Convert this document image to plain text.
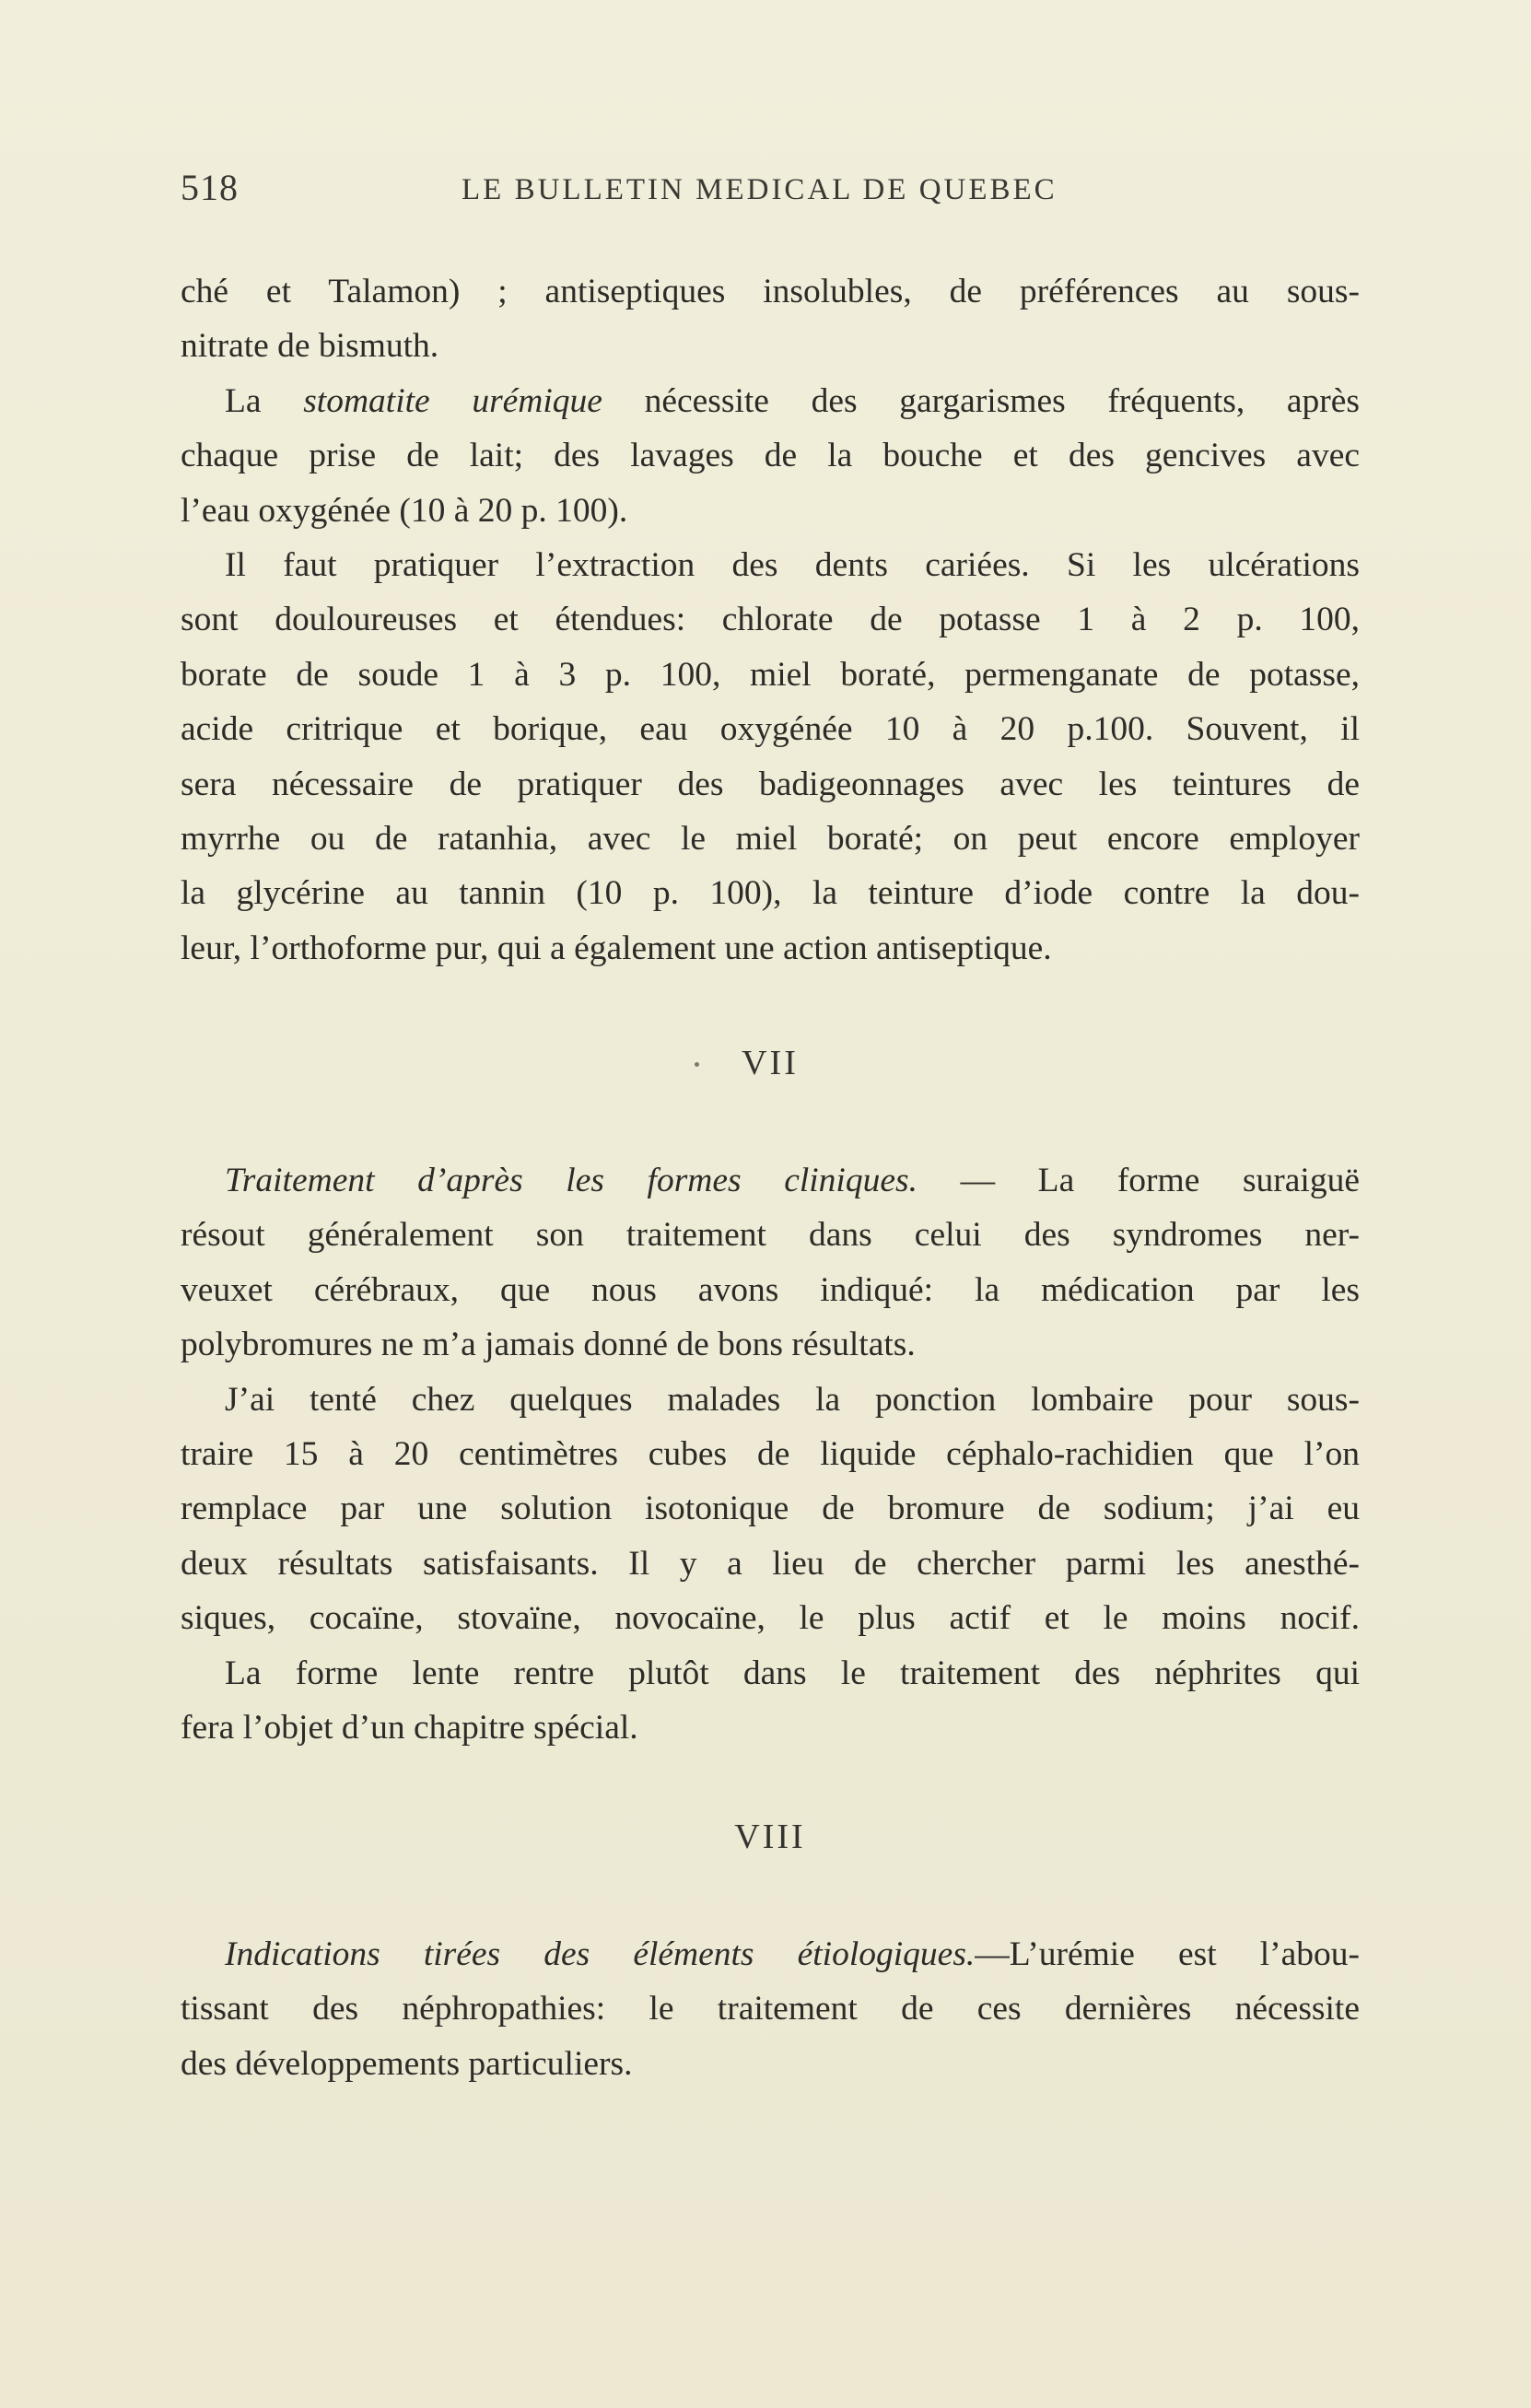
518	LE BULLETIN MEDICAL DE QUEBEC
ché et Talamon) ; antiseptiques insolubles, de préférences au sous-
nitrate de bismuth.
La stomatite urémique nécessite des gargarismes fréquents, après
chaque prise de lait; des lavages de la bouche et des gencives avec
l’eau oxygénée (10 à 20 p. 100).
Il faut pratiquer l’extraction des dents cariées. Si les ulcérations
sont douloureuses et étendues: chlorate de potasse 1 à 2 p. 100,
borate de soude 1 à 3 p. 100, miel boraté, permenganate de potasse,
acide critrique et borique, eau oxygénée 10 à 20 p.100. Souvent, il
sera nécessaire de pratiquer des badigeonnages avec les teintures de
myrrhe ou de ratanhia, avec le miel boraté; on peut encore employer
la glycérine au tannin (10 p. 100), la teinture d’iode contre la dou-
leur, l’orthoforme pur, qui a également une action antiseptique.
VII
Traitement d’après les formes cliniques. — La forme suraiguë
résout généralement son traitement dans celui des syndromes ner-
veuxet cérébraux, que nous avons indiqué: la médication par les
polybromures ne m’a jamais donné de bons résultats.
J’ai tenté chez quelques malades la ponction lombaire pour sous-
traire 15 à 20 centimètres cubes de liquide céphalo-rachidien que l’on
remplace par une solution isotonique de bromure de sodium; j’ai eu
deux résultats satisfaisants. Il y a lieu de chercher parmi les anesthé-
siques, cocaïne, stovaïne, novocaïne, le plus actif et le moins nocif.
La forme lente rentre plutôt dans le traitement des néphrites qui
fera l’objet d’un chapitre spécial.
VIII
Indications tirées des éléments étiologiques.—L’urémie est l’abou-
tissant des néphropathies: le traitement de ces dernières nécessite
des développements particuliers.
